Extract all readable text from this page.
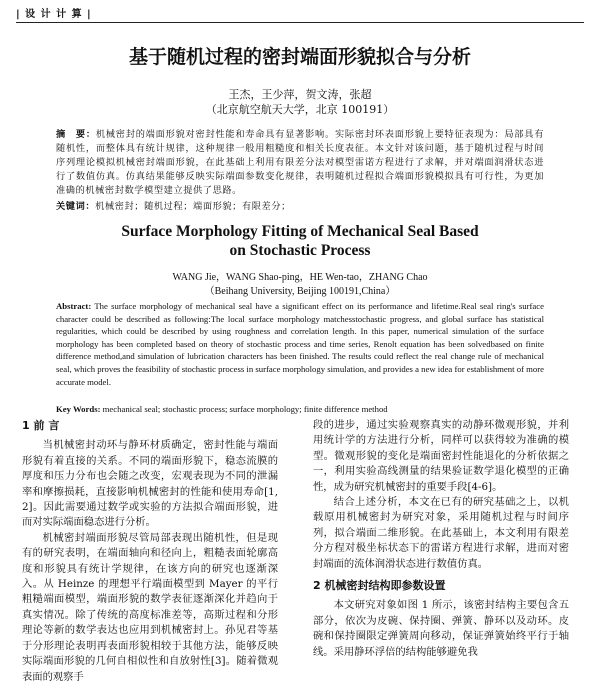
| 设 计 计 算 |
基于随机过程的密封端面形貌拟合与分析
王杰，王少萍，贺文涛，张超
（北京航空航天大学，北京 100191）
摘　要：机械密封的端面形貌对密封性能和寿命具有显著影响。实际密封环表面形貌上要特征表现为：局部具有随机性，而整体具有统计规律，这种规律一般用粗糙度和相关长度表征。本文针对该问题，基于随机过程与时间序列理论模拟机械密封端面形貌，在此基础上利用有限差分法对模型雷诺方程进行了求解，并对端面润滑状态进行了数值仿真。仿真结果能够反映实际端面参数变化规律，表明随机过程拟合端面形貌模拟具有可行性，为更加准确的机械密封数学模型建立提供了思路。
关键词：机械密封；随机过程；端面形貌；有限差分；
Surface Morphology Fitting of Mechanical Seal Based
on Stochastic Process
WANG Jie，WANG Shao-ping，HE Wen-tao，ZHANG Chao
（Beihang University, Beijing 100191,China）
Abstract: The surface morphology of mechanical seal have a significant effect on its performance and lifetime.Real seal ring's surface character could be described as following:The local surface morphology matchesstochastic progress, and global surface has statistical regularities, which could be described by using roughness and correlation length. In this paper, numerical simulation of the surface morphology has been completed based on theory of stochastic process and time series, Renolt equation has been solvedbased on finite difference method,and simulation of lubrication characters has been finished. The results could reflect the real change rule of mechanical seal, which proves the feasibility of stochastic process in surface morphology simulation, and provides a new idea for establishment of more accurate model.
Key Words: mechanical seal; stochastic process; surface morphology; finite difference method
1 前 言

当机械密封动环与静环材质确定，密封性能与端面形貌有着直接的关系。不同的端面形貌下，稳态流膜的厚度和压力分布也会随之改变，宏观表现为不同的泄漏率和摩擦损耗，直接影响机械密封的性能和使用寿命[1, 2]。因此需要通过数学或实验的方法拟合端面形貌，进而对实际端面稳态进行分析。

机械密封端面形貌尽管局部表现出随机性，但是现有的研究表明，在端面轴向和径向上，粗糙表面轮廓高度和形貌具有统计学规律，在该方向的研究也逐渐深入。从 Heinze 的理想平行端面模型到 Mayer 的平行粗糙端面模型，端面形貌的数学表征逐渐深化并趋向于真实情况。除了传统的高度标准差等，高斯过程和分形理论等新的数学表达也应用到机械密封上。孙见君等基于分形理论表明再表面形貌相较于其他方法，能够反映实际端面形貌的几何自相似性和自放射性[3]。随着微观表面的观察手

段的进步，通过实验观察真实的动静环微观形貌，并利用统计学的方法进行分析，同样可以获得较为准确的模型。微观形貌的变化是端面密封性能退化的分析依据之一，利用实验高线测量的结果验证数学退化模型的正确性，成为研究机械密封的重要手段[4-6]。

结合上述分析，本文在已有的研究基础之上，以机载原用机械密封为研究对象，采用随机过程与时间序列，拟合端面二维形貌。在此基础上，本文利用有限差分方程对极坐标状态下的雷诺方程进行求解，进而对密封端面的流体润滑状态进行数值仿真。

2 机械密封结构即参数设置

本文研究对象如图 1 所示，该密封结构主要包含五部分，依次为皮碗、保持圈、弹簧、静环以及动环。皮碗和保持圈限定弹簧周向移动，保证弹簧始终平行于轴线。采用静环浮倍的结构能够避免我
